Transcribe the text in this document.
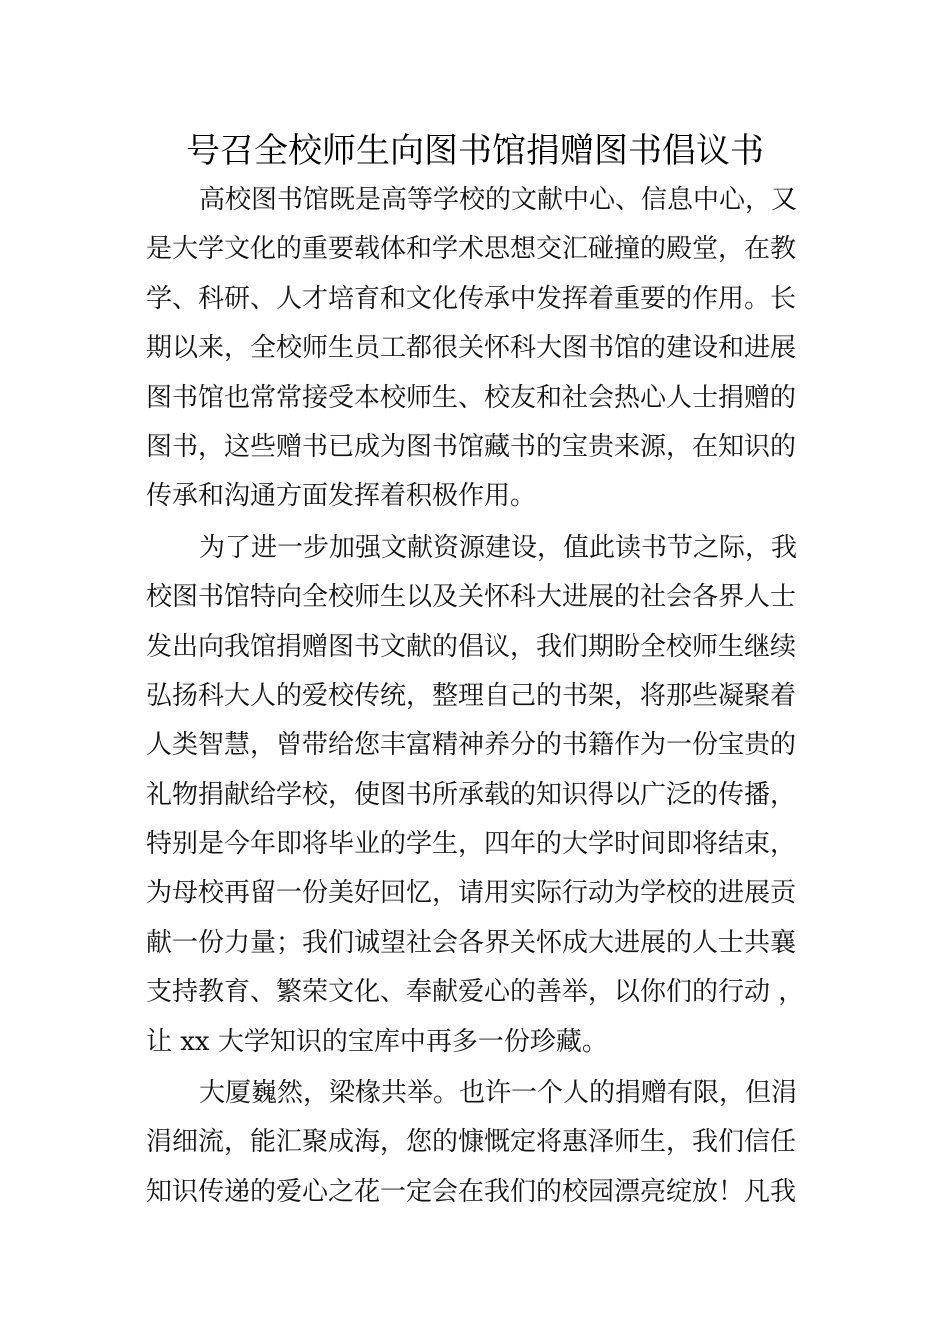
号召全校师生向图书馆捐赠图书倡议书

高校图书馆既是高等学校的文献中心、信息中心，又
是大学文化的重要载体和学术思想交汇碰撞的殿堂，在教
学、科研、人才培育和文化传承中发挥着重要的作用。长
期以来，全校师生员工都很关怀科大图书馆的建设和进展
图书馆也常常接受本校师生、校友和社会热心人士捐赠的
图书，这些赠书已成为图书馆藏书的宝贵来源，在知识的
传承和沟通方面发挥着积极作用。

为了进一步加强文献资源建设，值此读书节之际，我
校图书馆特向全校师生以及关怀科大进展的社会各界人士
发出向我馆捐赠图书文献的倡议，我们期盼全校师生继续
弘扬科大人的爱校传统，整理自己的书架，将那些凝聚着
人类智慧，曾带给您丰富精神养分的书籍作为一份宝贵的
礼物捐献给学校，使图书所承载的知识得以广泛的传播，
特别是今年即将毕业的学生，四年的大学时间即将结束，
为母校再留一份美好回忆，请用实际行动为学校的进展贡
献一份力量；我们诚望社会各界关怀成大进展的人士共襄
支持教育、繁荣文化、奉献爱心的善举，以你们的行动 ，
让 xx 大学知识的宝库中再多一份珍藏。

大厦巍然，梁椽共举。也许一个人的捐赠有限，但涓
涓细流，能汇聚成海，您的慷慨定将惠泽师生，我们信任
知识传递的爱心之花一定会在我们的校园漂亮绽放！凡我
